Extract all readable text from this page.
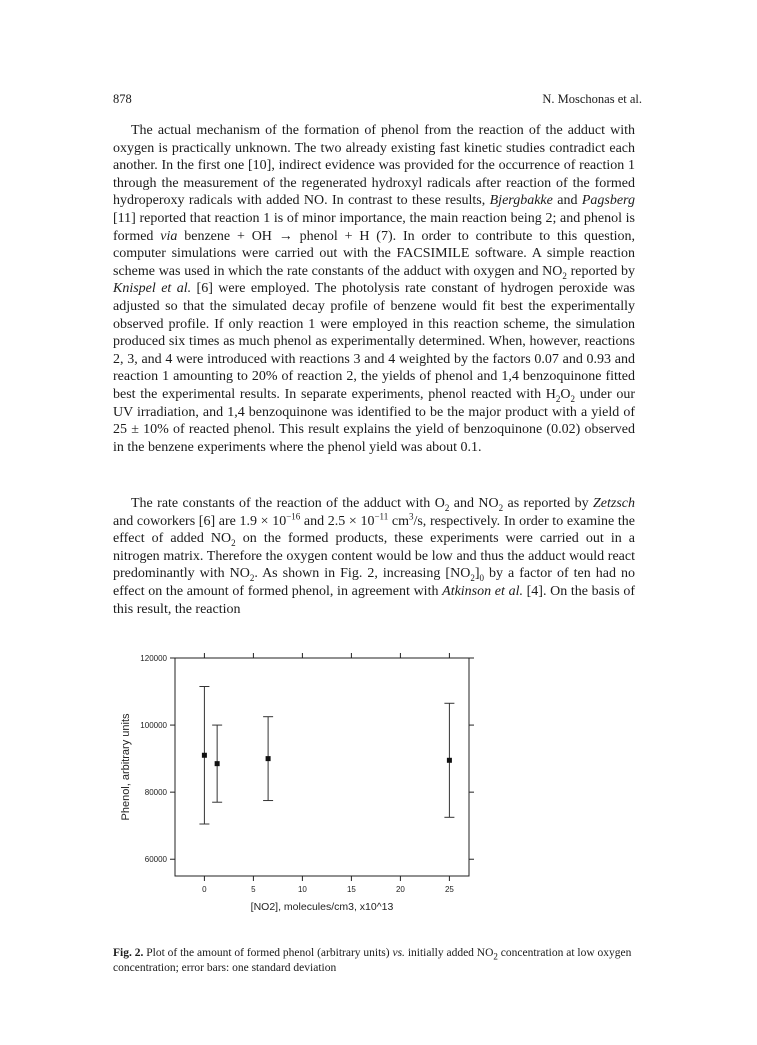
878	N. Moschonas et al.

The actual mechanism of the formation of phenol from the reaction of the adduct with oxygen is practically unknown. The two already existing fast kinetic studies contradict each another. In the first one [10], indirect evidence was provided for the occurrence of reaction 1 through the measurement of the regenerated hydroxyl radicals after reaction of the formed hydroperoxy radicals with added NO. In contrast to these results, Bjergbakke and Pagsberg [11] reported that reaction 1 is of minor importance, the main reaction being 2; and phenol is formed via benzene + OH → phenol + H (7). In order to contribute to this question, computer simulations were carried out with the FACSIMILE software. A simple reaction scheme was used in which the rate constants of the adduct with oxygen and $NO_2$ reported by Knispel et al. [6] were employed. The photolysis rate constant of hydrogen peroxide was adjusted so that the simulated decay profile of benzene would fit best the experimentally observed profile. If only reaction 1 were employed in this reaction scheme, the simulation produced six times as much phenol as experimentally determined. When, however, reactions 2, 3, and 4 were introduced with reactions 3 and 4 weighted by the factors 0.07 and 0.93 and reaction 1 amounting to 20% of reaction 2, the yields of phenol and 1,4 benzoquinone fitted best the experimental results. In separate experiments, phenol reacted with $H_2O_2$ under our UV irradiation, and 1,4 benzoquinone was identified to be the major product with a yield of 25 ± 10% of reacted phenol. This result explains the yield of benzoquinone (0.02) observed in the benzene experiments where the phenol yield was about 0.1.

The rate constants of the reaction of the adduct with $O_2$ and $NO_2$ as reported by Zetzsch and coworkers [6] are $1.9 \times 10^{-16}$ and $2.5 \times 10^{-11}$ $cm^3/s$, respectively. In order to examine the effect of added $NO_2$ on the formed products, these experiments were carried out in a nitrogen matrix. Therefore the oxygen content would be low and thus the adduct would react predominantly with $NO_2$. As shown in Fig. 2, increasing $[NO_2]_0$ by a factor of ten had no effect on the amount of formed phenol, in agreement with Atkinson et al. [4]. On the basis of this result, the reaction

60000
80000
100000
120000
0	5	10	15	20	25
[NO2], molecules/cm3, x10^13
Phenol, arbitrary units

Fig. 2. Plot of the amount of formed phenol (arbitrary units) vs. initially added $NO_2$ concentration at low oxygen concentration; error bars: one standard deviation
